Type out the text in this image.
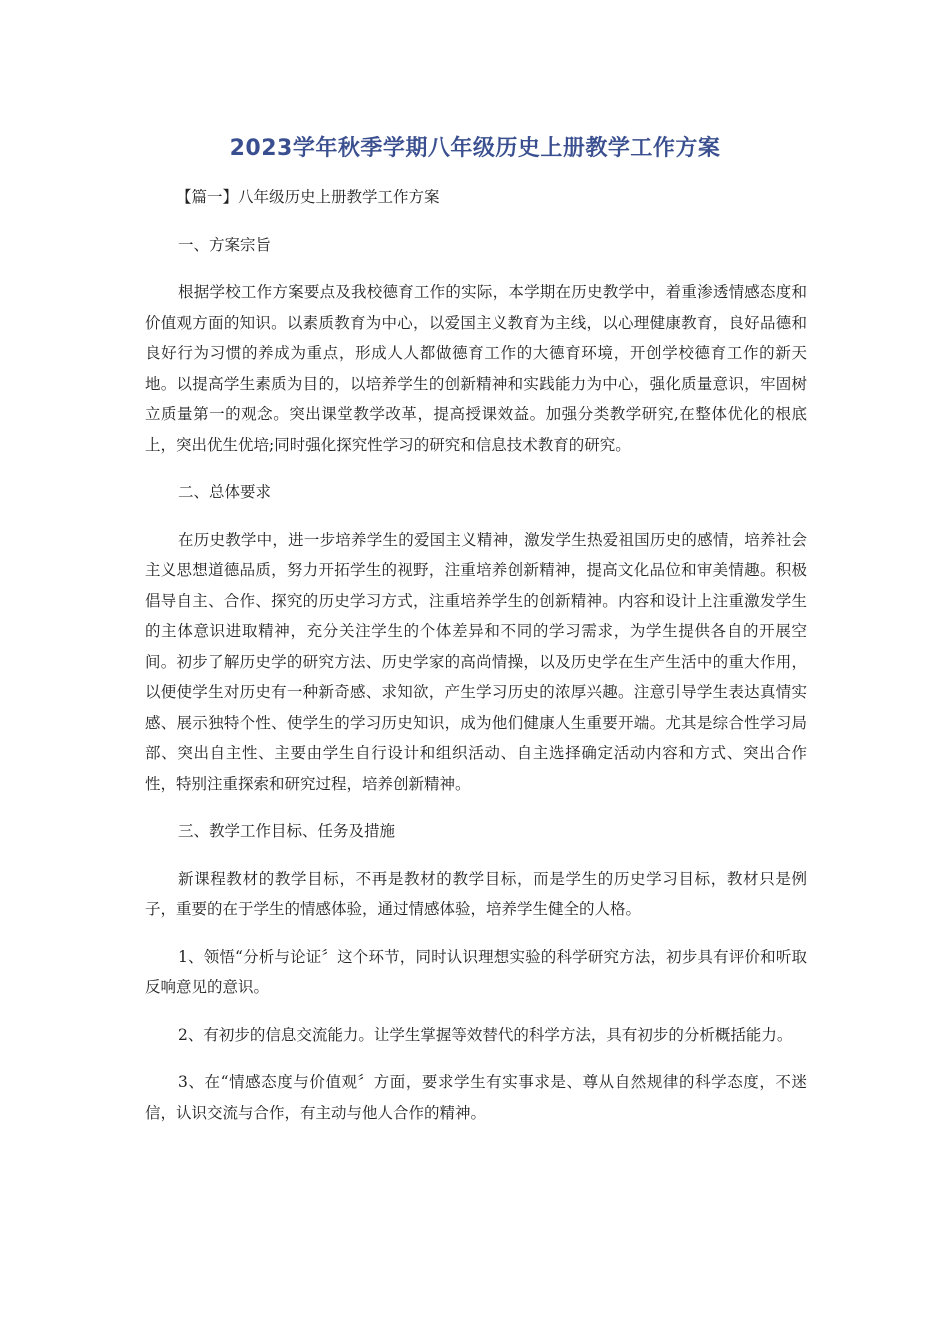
2023学年秋季学期八年级历史上册教学工作方案
【篇一】八年级历史上册教学工作方案
一、方案宗旨

根据学校工作方案要点及我校德育工作的实际，本学期在历史教学中，着重渗透情感态度和价值观方面的知识。以素质教育为中心，以爱国主义教育为主线，以心理健康教育，良好品德和良好行为习惯的养成为重点，形成人人都做德育工作的大德育环境，开创学校德育工作的新天地。以提高学生素质为目的，以培养学生的创新精神和实践能力为中心，强化质量意识，牢固树立质量第一的观念。突出课堂教学改革，提高授课效益。加强分类教学研究,在整体优化的根底上，突出优生优培;同时强化探究性学习的研究和信息技术教育的研究。

二、总体要求

在历史教学中，进一步培养学生的爱国主义精神，激发学生热爱祖国历史的感情，培养社会主义思想道德品质，努力开拓学生的视野，注重培养创新精神，提高文化品位和审美情趣。积极倡导自主、合作、探究的历史学习方式，注重培养学生的创新精神。内容和设计上注重激发学生的主体意识进取精神，充分关注学生的个体差异和不同的学习需求，为学生提供各自的开展空间。初步了解历史学的研究方法、历史学家的高尚情操，以及历史学在生产生活中的重大作用，以便使学生对历史有一种新奇感、求知欲，产生学习历史的浓厚兴趣。注意引导学生表达真情实感、展示独特个性、使学生的学习历史知识，成为他们健康人生重要开端。尤其是综合性学习局部、突出自主性、主要由学生自行设计和组织活动、自主选择确定活动内容和方式、突出合作性，特别注重探索和研究过程，培养创新精神。

三、教学工作目标、任务及措施

新课程教材的教学目标，不再是教材的教学目标，而是学生的历史学习目标，教材只是例子，重要的在于学生的情感体验，通过情感体验，培养学生健全的人格。

1、领悟“分析与论证〞这个环节，同时认识理想实验的科学研究方法，初步具有评价和听取反响意见的意识。

2、有初步的信息交流能力。让学生掌握等效替代的科学方法，具有初步的分析概括能力。

3、在“情感态度与价值观〞方面，要求学生有实事求是、尊从自然规律的科学态度，不迷信，认识交流与合作，有主动与他人合作的精神。
